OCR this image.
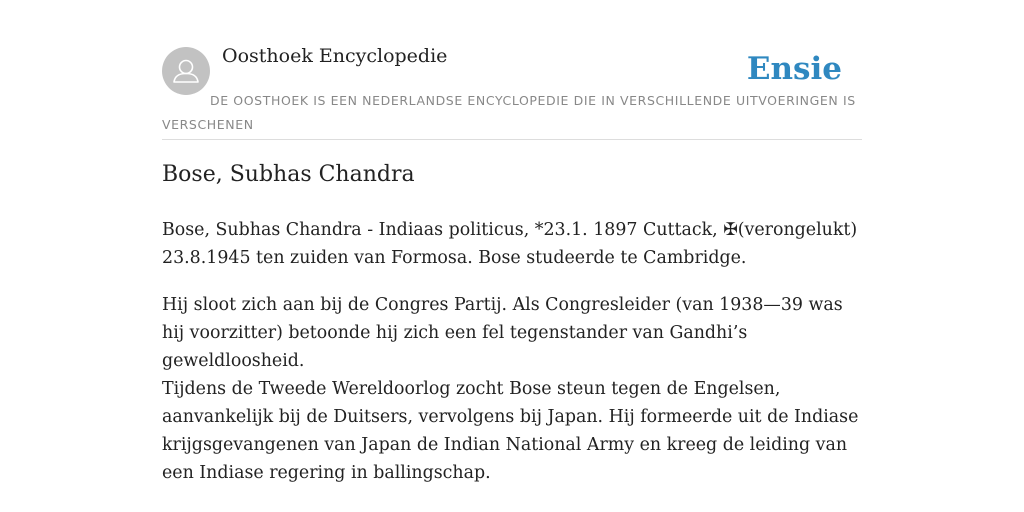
Oosthoek Encyclopedie	Ensie
DE OOSTHOEK IS EEN NEDERLANDSE ENCYCLOPEDIE DIE IN VERSCHILLENDE UITVOERINGEN IS VERSCHENEN
Bose, Subhas Chandra

Bose, Subhas Chandra - Indiaas politicus, *23.1. 1897 Cuttack, ✠(verongelukt) 23.8.1945 ten zuiden van Formosa. Bose studeerde te Cambridge.

Hij sloot zich aan bij de Congres Partij. Als Congresleider (van 1938—39 was hij voorzitter) betoonde hij zich een fel tegenstander van Gandhi’s geweldloosheid.

Tijdens de Tweede Wereldoorlog zocht Bose steun tegen de Engelsen, aanvankelijk bij de Duitsers, vervolgens bij Japan. Hij formeerde uit de Indiase krijgsgevangenen van Japan de Indian National Army en kreeg de leiding van een Indiase regering in ballingschap.
